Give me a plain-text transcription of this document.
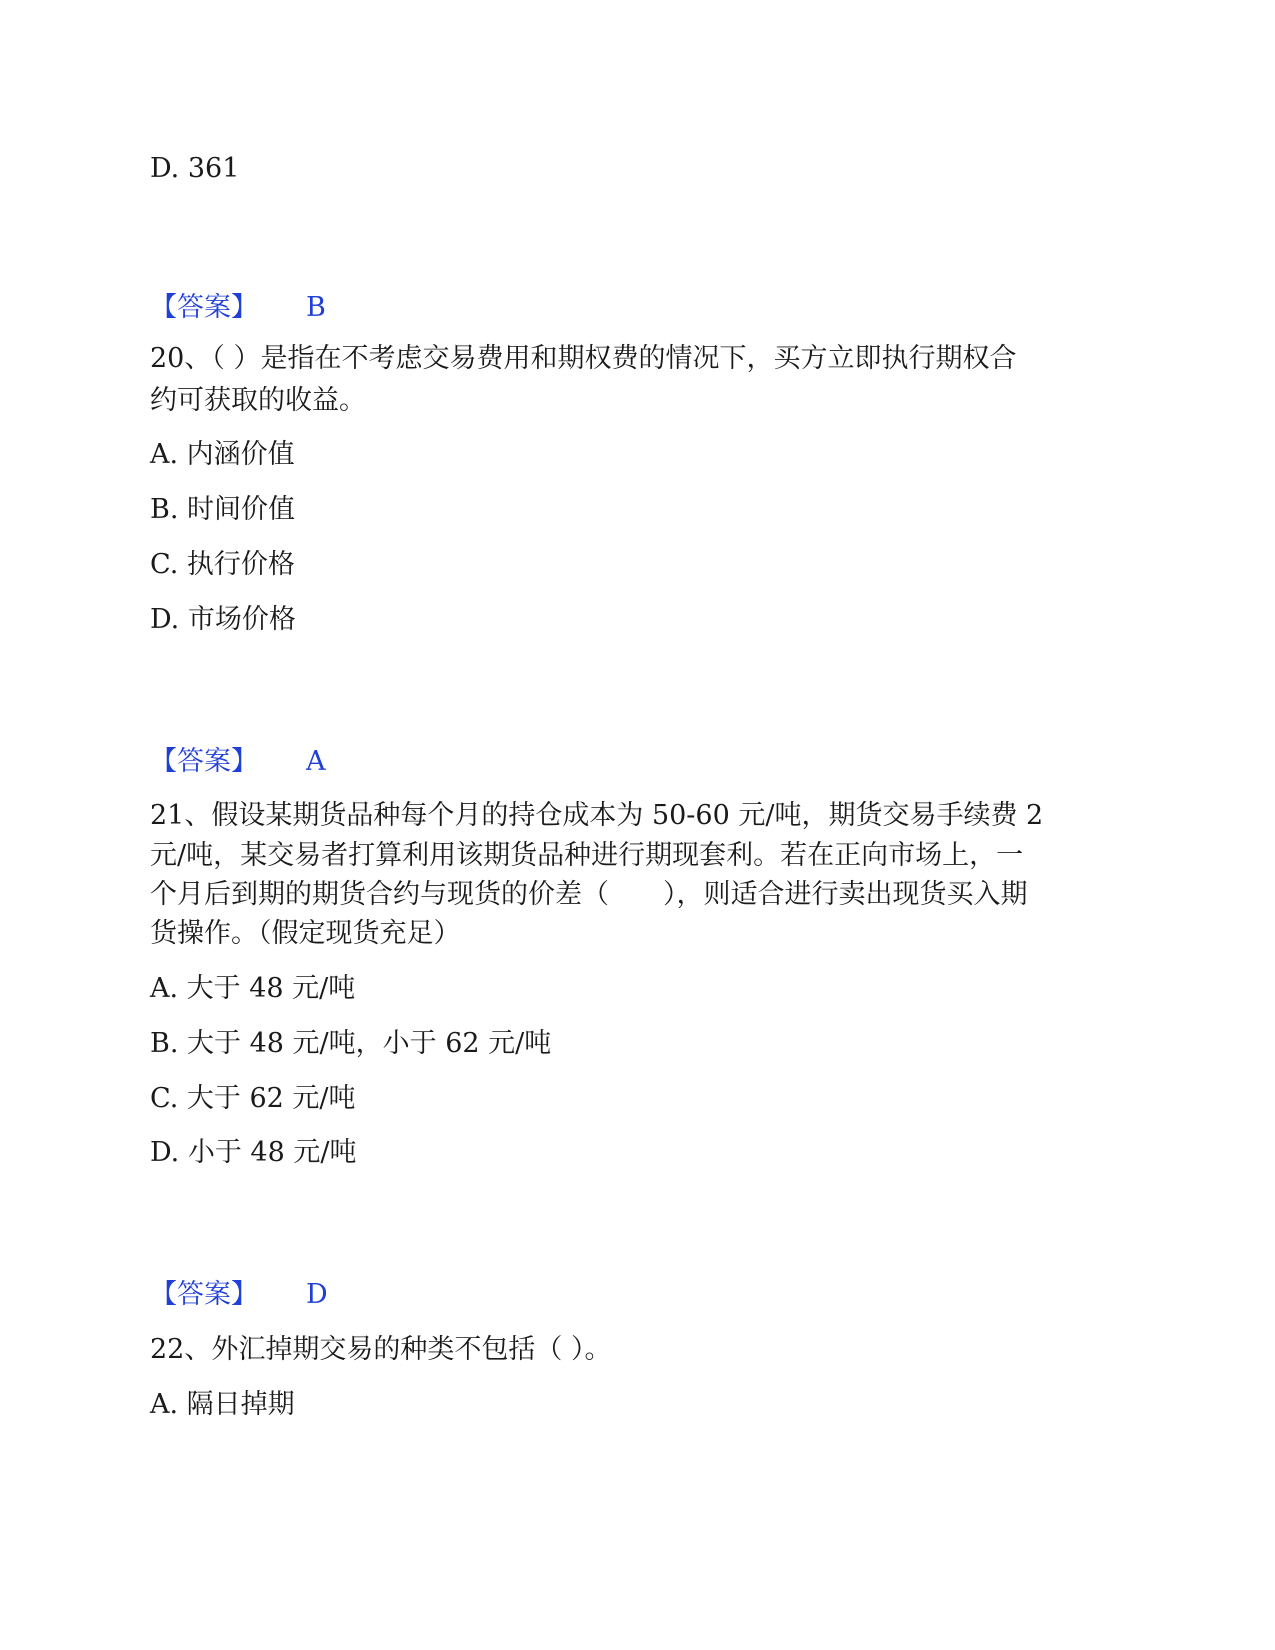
D. 361
【答案】 B
20、（ ）是指在不考虑交易费用和期权费的情况下，买方立即执行期权合
约可获取的收益。
A. 内涵价值
B. 时间价值
C. 执行价格
D. 市场价格
【答案】 A
21、假设某期货品种每个月的持仓成本为 50-60 元/吨，期货交易手续费 2
元/吨，某交易者打算利用该期货品种进行期现套利。若在正向市场上，一
个月后到期的期货合约与现货的价差（　　），则适合进行卖出现货买入期
货操作。（假定现货充足）
A. 大于 48 元/吨
B. 大于 48 元/吨，小于 62 元/吨
C. 大于 62 元/吨
D. 小于 48 元/吨
【答案】 D
22、外汇掉期交易的种类不包括（ ）。
A. 隔日掉期
